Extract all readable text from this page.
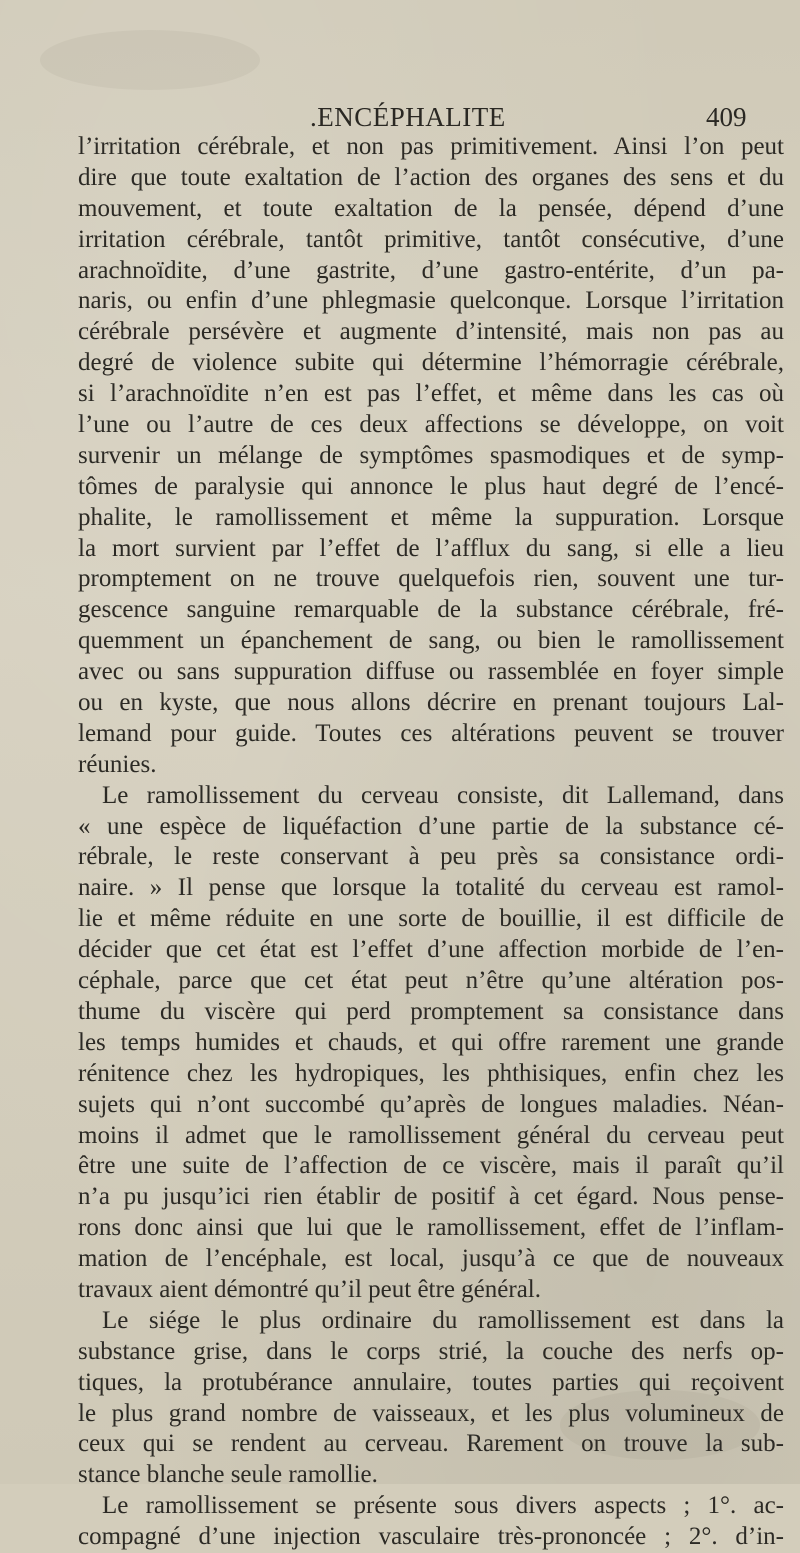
.ENCÉPHALITE	409
l’irritation cérébrale, et non pas primitivement. Ainsi l’on peut
dire que toute exaltation de l’action des organes des sens et du
mouvement, et toute exaltation de la pensée, dépend d’une
irritation cérébrale, tantôt primitive, tantôt consécutive, d’une
arachnoïdite, d’une gastrite, d’une gastro-entérite, d’un pa-
naris, ou enfin d’une phlegmasie quelconque. Lorsque l’irritation
cérébrale persévère et augmente d’intensité, mais non pas au
degré de violence subite qui détermine l’hémorragie cérébrale,
si l’arachnoïdite n’en est pas l’effet, et même dans les cas où
l’une ou l’autre de ces deux affections se développe, on voit
survenir un mélange de symptômes spasmodiques et de symp-
tômes de paralysie qui annonce le plus haut degré de l’encé-
phalite, le ramollissement et même la suppuration. Lorsque
la mort survient par l’effet de l’afflux du sang, si elle a lieu
promptement on ne trouve quelquefois rien, souvent une tur-
gescence sanguine remarquable de la substance cérébrale, fré-
quemment un épanchement de sang, ou bien le ramollissement
avec ou sans suppuration diffuse ou rassemblée en foyer simple
ou en kyste, que nous allons décrire en prenant toujours Lal-
lemand pour guide. Toutes ces altérations peuvent se trouver
réunies.
Le ramollissement du cerveau consiste, dit Lallemand, dans
« une espèce de liquéfaction d’une partie de la substance cé-
rébrale, le reste conservant à peu près sa consistance ordi-
naire. » Il pense que lorsque la totalité du cerveau est ramol-
lie et même réduite en une sorte de bouillie, il est difficile de
décider que cet état est l’effet d’une affection morbide de l’en-
céphale, parce que cet état peut n’être qu’une altération pos-
thume du viscère qui perd promptement sa consistance dans
les temps humides et chauds, et qui offre rarement une grande
rénitence chez les hydropiques, les phthisiques, enfin chez les
sujets qui n’ont succombé qu’après de longues maladies. Néan-
moins il admet que le ramollissement général du cerveau peut
être une suite de l’affection de ce viscère, mais il paraît qu’il
n’a pu jusqu’ici rien établir de positif à cet égard. Nous pense-
rons donc ainsi que lui que le ramollissement, effet de l’inflam-
mation de l’encéphale, est local, jusqu’à ce que de nouveaux
travaux aient démontré qu’il peut être général.
Le siége le plus ordinaire du ramollissement est dans la
substance grise, dans le corps strié, la couche des nerfs op-
tiques, la protubérance annulaire, toutes parties qui reçoivent
le plus grand nombre de vaisseaux, et les plus volumineux de
ceux qui se rendent au cerveau. Rarement on trouve la sub-
stance blanche seule ramollie.
Le ramollissement se présente sous divers aspects ; 1°. ac-
compagné d’une injection vasculaire très-prononcée ; 2°. d’in-
